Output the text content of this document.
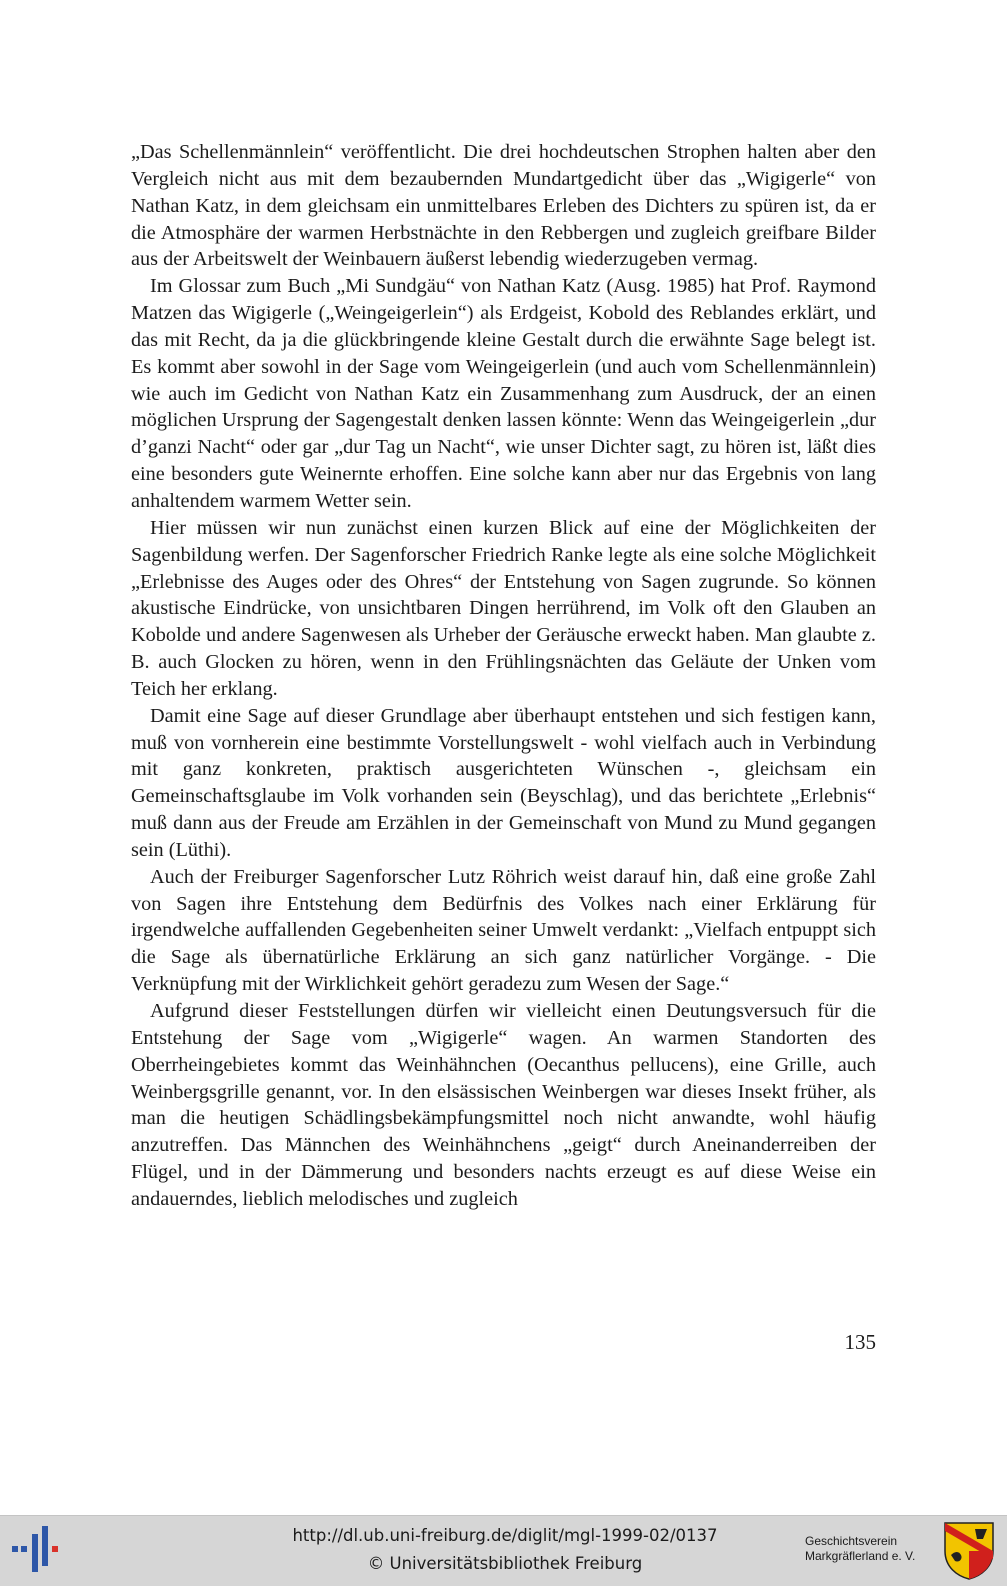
„Das Schellenmännlein“ veröffentlicht. Die drei hochdeutschen Strophen halten aber den Vergleich nicht aus mit dem bezaubernden Mundartgedicht über das „Wigigerle“ von Nathan Katz, in dem gleichsam ein unmittelbares Erleben des Dichters zu spüren ist, da er die Atmosphäre der warmen Herbstnächte in den Rebbergen und zugleich greifbare Bilder aus der Arbeitswelt der Weinbauern äußerst lebendig wiederzugeben vermag.

Im Glossar zum Buch „Mi Sundgäu“ von Nathan Katz (Ausg. 1985) hat Prof. Raymond Matzen das Wigigerle („Weingeigerlein“) als Erdgeist, Kobold des Reblandes erklärt, und das mit Recht, da ja die glückbringende kleine Gestalt durch die erwähnte Sage belegt ist. Es kommt aber sowohl in der Sage vom Weingeigerlein (und auch vom Schellenmännlein) wie auch im Gedicht von Nathan Katz ein Zusammenhang zum Ausdruck, der an einen möglichen Ursprung der Sagengestalt denken lassen könnte: Wenn das Weingeigerlein „dur d’ganzi Nacht“ oder gar „dur Tag un Nacht“, wie unser Dichter sagt, zu hören ist, läßt dies eine besonders gute Weinernte erhoffen. Eine solche kann aber nur das Ergebnis von lang anhaltendem warmem Wetter sein.

Hier müssen wir nun zunächst einen kurzen Blick auf eine der Möglichkeiten der Sagenbildung werfen. Der Sagenforscher Friedrich Ranke legte als eine solche Möglichkeit „Erlebnisse des Auges oder des Ohres“ der Entstehung von Sagen zugrunde. So können akustische Eindrücke, von unsichtbaren Dingen herrührend, im Volk oft den Glauben an Kobolde und andere Sagenwesen als Urheber der Geräusche erweckt haben. Man glaubte z. B. auch Glocken zu hören, wenn in den Frühlingsnächten das Geläute der Unken vom Teich her erklang.

Damit eine Sage auf dieser Grundlage aber überhaupt entstehen und sich festigen kann, muß von vornherein eine bestimmte Vorstellungswelt - wohl vielfach auch in Verbindung mit ganz konkreten, praktisch ausgerichteten Wünschen -, gleichsam ein Gemeinschaftsglaube im Volk vorhanden sein (Beyschlag), und das berichtete „Erlebnis“ muß dann aus der Freude am Erzählen in der Gemeinschaft von Mund zu Mund gegangen sein (Lüthi).

Auch der Freiburger Sagenforscher Lutz Röhrich weist darauf hin, daß eine große Zahl von Sagen ihre Entstehung dem Bedürfnis des Volkes nach einer Erklärung für irgendwelche auffallenden Gegebenheiten seiner Umwelt verdankt: „Vielfach entpuppt sich die Sage als übernatürliche Erklärung an sich ganz natürlicher Vorgänge. - Die Verknüpfung mit der Wirklichkeit gehört geradezu zum Wesen der Sage.“

Aufgrund dieser Feststellungen dürfen wir vielleicht einen Deutungsversuch für die Entstehung der Sage vom „Wigigerle“ wagen. An warmen Standorten des Oberrheingebietes kommt das Weinhähnchen (Oecanthus pellucens), eine Grille, auch Weinbergsgrille genannt, vor. In den elsässischen Weinbergen war dieses Insekt früher, als man die heutigen Schädlingsbekämpfungsmittel noch nicht anwandte, wohl häufig anzutreffen. Das Männchen des Weinhähnchens „geigt“ durch Aneinanderreiben der Flügel, und in der Dämmerung und besonders nachts erzeugt es auf diese Weise ein andauerndes, lieblich melodisches und zugleich

135
http://dl.ub.uni-freiburg.de/diglit/mgl-1999-02/0137
© Universitätsbibliothek Freiburg
Geschichtsverein
Markgräflerland e. V.
